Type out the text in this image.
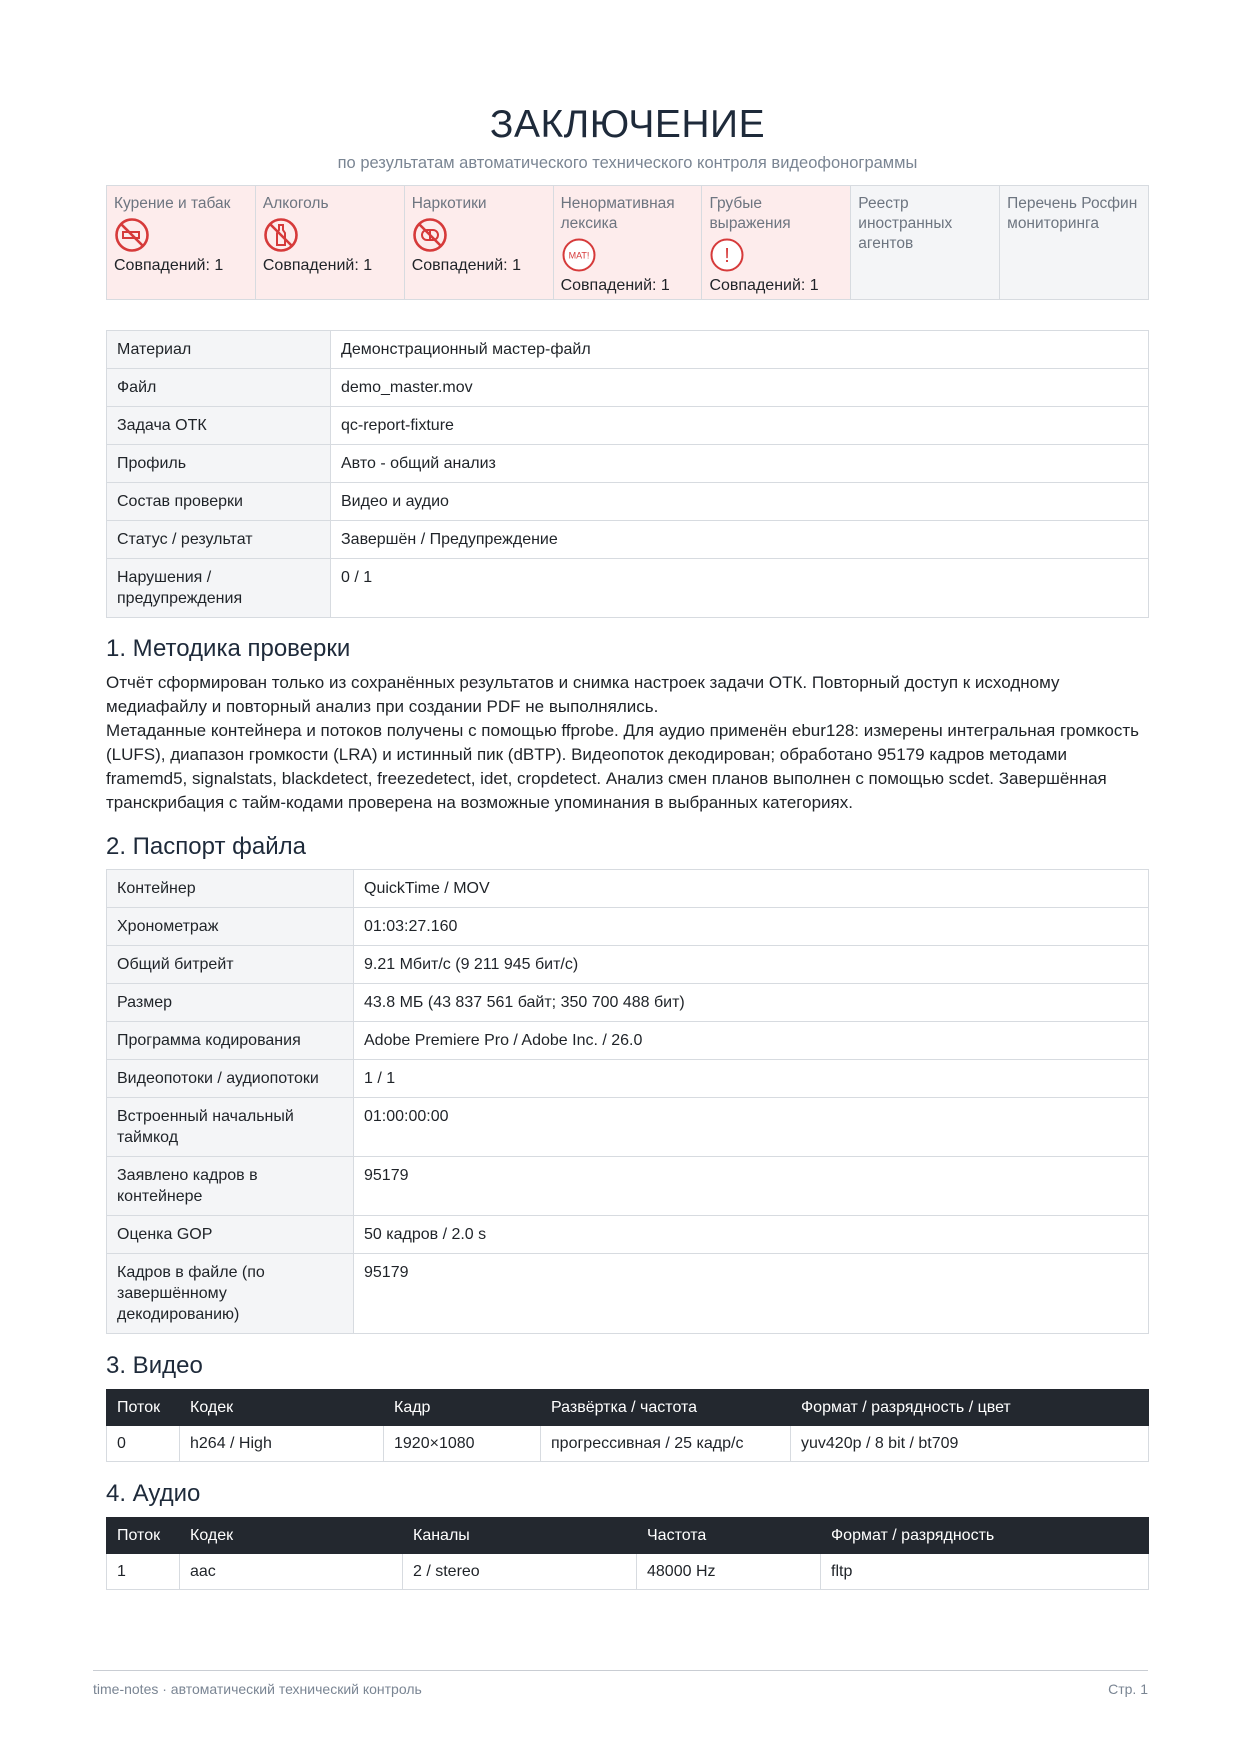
ЗАКЛЮЧЕНИЕ
по результатам автоматического технического контроля видеофонограммы
Курение и табак
Совпадений: 1
Алкоголь
Совпадений: 1
Наркотики
Совпадений: 1
Ненормативная лексика
МАТ!
Совпадений: 1
Грубые выражения
!
Совпадений: 1
Реестр иностранных агентов
Перечень Росфин мониторинга
Материал	Демонстрационный мастер-файл
Файл	demo_master.mov
Задача ОТК	qc-report-fixture
Профиль	Авто - общий анализ
Состав проверки	Видео и аудио
Статус / результат	Завершён / Предупреждение
Нарушения / предупреждения	0 / 1
1. Методика проверки
Отчёт сформирован только из сохранённых результатов и снимка настроек задачи ОТК. Повторный доступ к исходному медиафайлу и повторный анализ при создании PDF не выполнялись.
Метаданные контейнера и потоков получены с помощью ffprobe. Для аудио применён ebur128: измерены интегральная громкость (LUFS), диапазон громкости (LRA) и истинный пик (dBTP). Видеопоток декодирован; обработано 95179 кадров методами framemd5, signalstats, blackdetect, freezedetect, idet, cropdetect. Анализ смен планов выполнен с помощью scdet. Завершённая транскрибация с тайм-кодами проверена на возможные упоминания в выбранных категориях.
2. Паспорт файла
Контейнер	QuickTime / MOV
Хронометраж	01:03:27.160
Общий битрейт	9.21 Мбит/с (9 211 945 бит/с)
Размер	43.8 МБ (43 837 561 байт; 350 700 488 бит)
Программа кодирования	Adobe Premiere Pro / Adobe Inc. / 26.0
Видеопотоки / аудиопотоки	1 / 1
Встроенный начальный таймкод	01:00:00:00
Заявлено кадров в контейнере	95179
Оценка GOP	50 кадров / 2.0 s
Кадров в файле (по завершённому декодированию)	95179
3. Видео
Поток	Кодек	Кадр	Развёртка / частота	Формат / разрядность / цвет
0	h264 / High	1920×1080	прогрессивная / 25 кадр/с	yuv420p / 8 bit / bt709
4. Аудио
Поток	Кодек	Каналы	Частота	Формат / разрядность
1	aac	2 / stereo	48000 Hz	fltp
time-notes · автоматический технический контроль	Стр. 1
